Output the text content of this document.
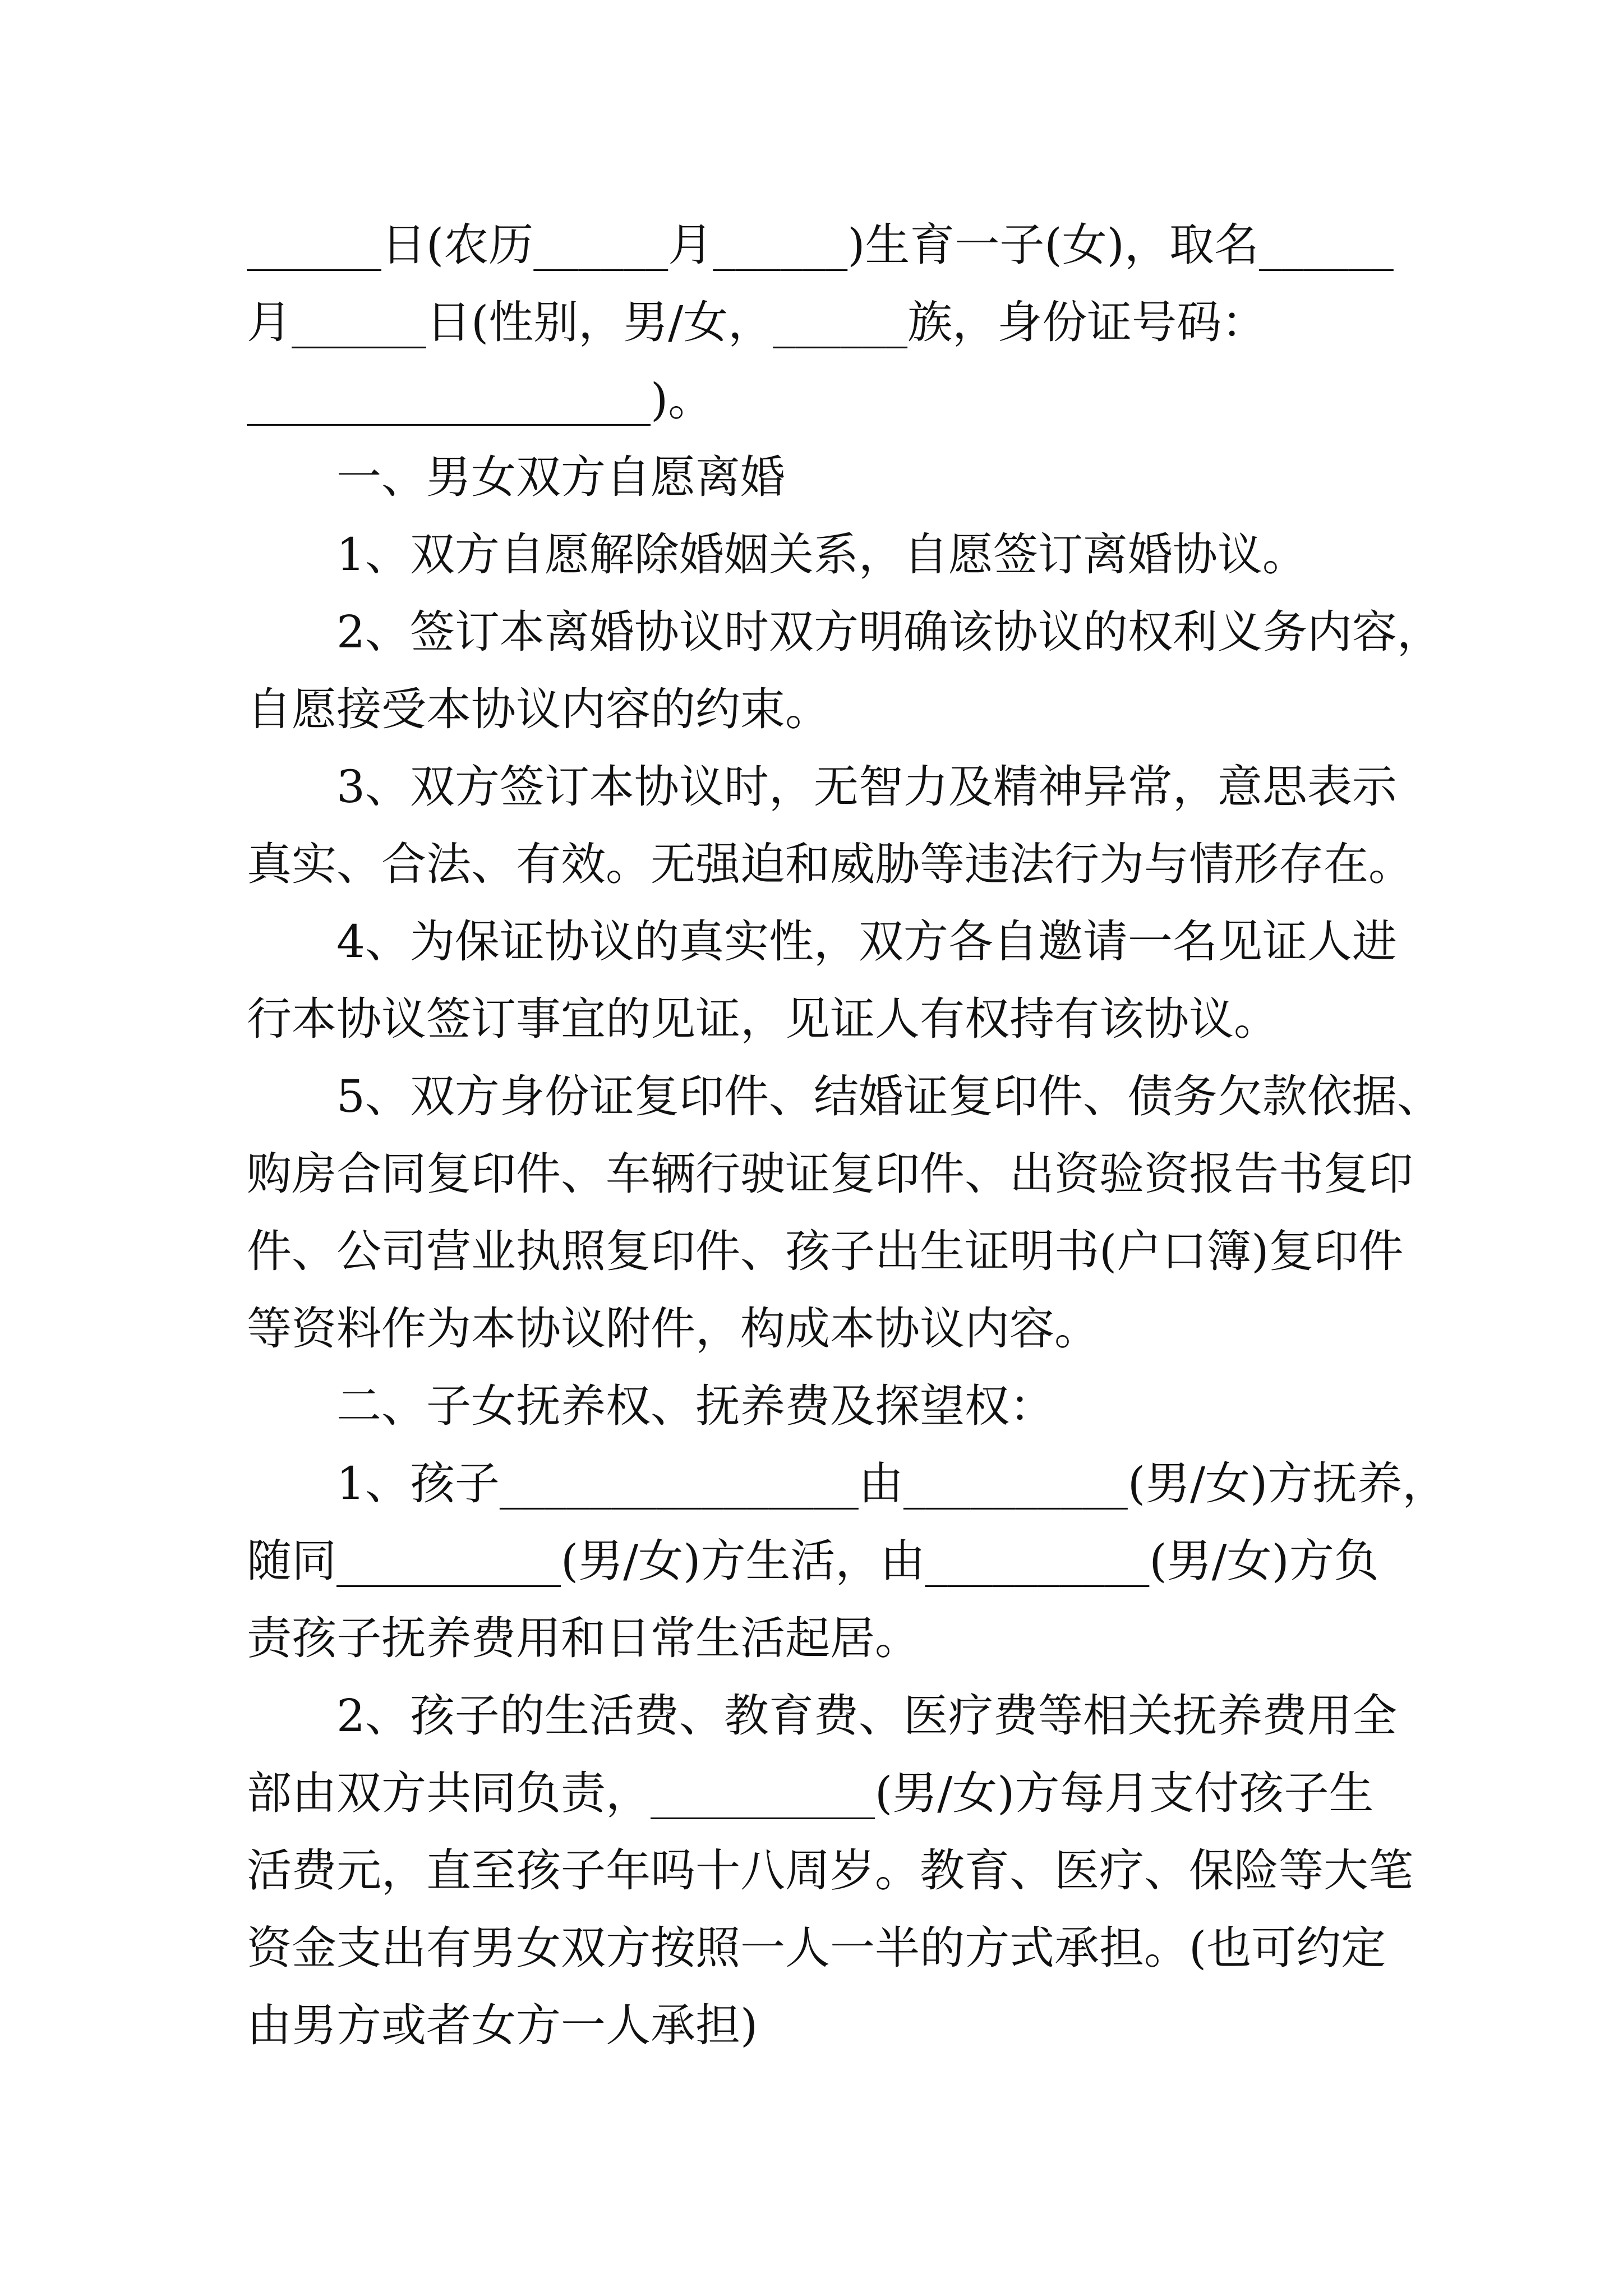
______日(农历______月______)生育一子(女)，取名______
月______日(性别，男/女，______族，身份证号码：
__________________)。
一、男女双方自愿离婚
1、双方自愿解除婚姻关系，自愿签订离婚协议。
2、签订本离婚协议时双方明确该协议的权利义务内容，
自愿接受本协议内容的约束。
3、双方签订本协议时，无智力及精神异常，意思表示
真实、合法、有效。无强迫和威胁等违法行为与情形存在。
4、为保证协议的真实性，双方各自邀请一名见证人进
行本协议签订事宜的见证，见证人有权持有该协议。
5、双方身份证复印件、结婚证复印件、债务欠款依据、
购房合同复印件、车辆行驶证复印件、出资验资报告书复印
件、公司营业执照复印件、孩子出生证明书(户口簿)复印件
等资料作为本协议附件，构成本协议内容。
二、子女抚养权、抚养费及探望权：
1、孩子________________由__________(男/女)方抚养，
随同__________(男/女)方生活，由__________(男/女)方负
责孩子抚养费用和日常生活起居。
2、孩子的生活费、教育费、医疗费等相关抚养费用全
部由双方共同负责，__________(男/女)方每月支付孩子生
活费元，直至孩子年吗十八周岁。教育、医疗、保险等大笔
资金支出有男女双方按照一人一半的方式承担。(也可约定
由男方或者女方一人承担)
